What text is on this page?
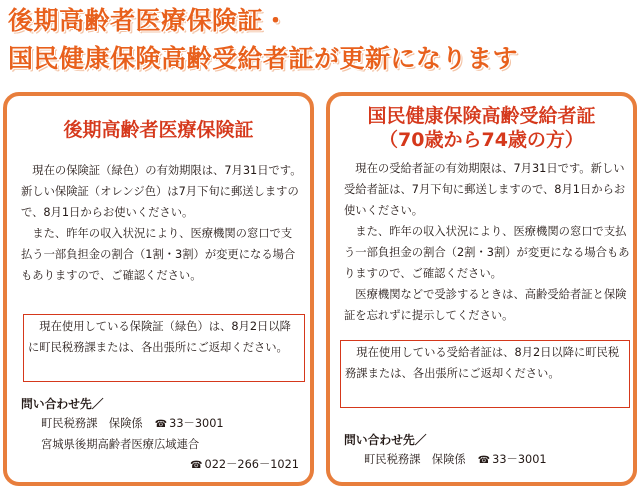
後期高齢者医療保険証・
国民健康保険高齢受給者証が更新になります
後期高齢者医療保険証

現在の保険証（緑色）の有効期限は、7月31日です。新しい保険証（オレンジ色）は7月下旬に郵送しますので、8月1日からお使いください。

また、昨年の収入状況により、医療機関の窓口で支払う一部負担金の割合（1割・3割）が変更になる場合もありますので、ご確認ください。

現在使用している保険証（緑色）は、8月2日以降に町民税務課または、各出張所にご返却ください。

問い合わせ先／
町民税務課　保険係 ☎ 33－3001
宮城県後期高齢者医療広域連合
☎ 022－266－1021
国民健康保険高齢受給者証
（70歳から74歳の方）

現在の受給者証の有効期限は、7月31日です。新しい受給者証は、7月下旬に郵送しますので、8月1日からお使いください。

また、昨年の収入状況により、医療機関の窓口で支払う一部負担金の割合（2割・3割）が変更になる場合もありますので、ご確認ください。

医療機関などで受診するときは、高齢受給者証と保険証を忘れずに提示してください。

現在使用している受給者証は、8月2日以降に町民税務課または、各出張所にご返却ください。

問い合わせ先／
町民税務課　保険係 ☎ 33－3001
